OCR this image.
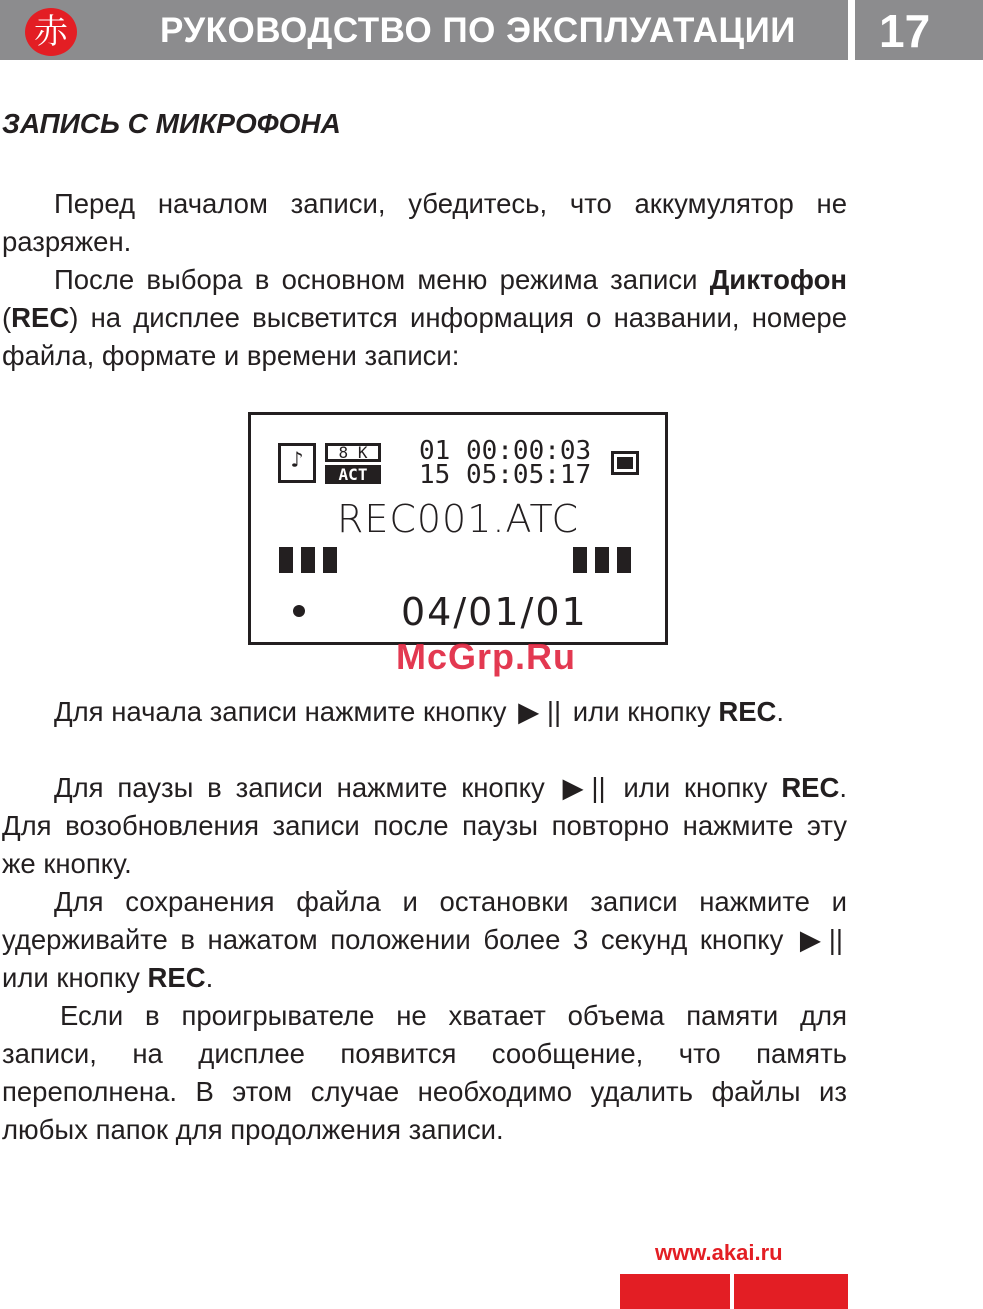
赤	РУКОВОДСТВО ПО ЭКСПЛУАТАЦИИ	17
ЗАПИСЬ С МИКРОФОНА

Перед началом записи, убедитесь, что аккумулятор не разряжен.

После выбора в основном меню режима записи Диктофон (REC) на дисплее высветится информация о названии, номере файла, формате и времени записи:

♪	8 K
ACT
01 00:00:03
15 05:05:17
REC001.ATC
04/01/01
McGrp.Ru

Для начала записи нажмите кнопку ▶ || или кнопку REC.

Для паузы в записи нажмите кнопку ▶ || или кнопку REC. Для возобновления записи после паузы повторно нажмите эту же кнопку.

Для сохранения файла и остановки записи нажмите и удерживайте в нажатом положении более 3 секунд кнопку ▶ || или кнопку REC.

Если в проигрывателе не хватает объема памяти для записи, на дисплее появится сообщение, что память переполнена. В этом случае необходимо удалить файлы из любых папок для продолжения записи.

www.akai.ru
